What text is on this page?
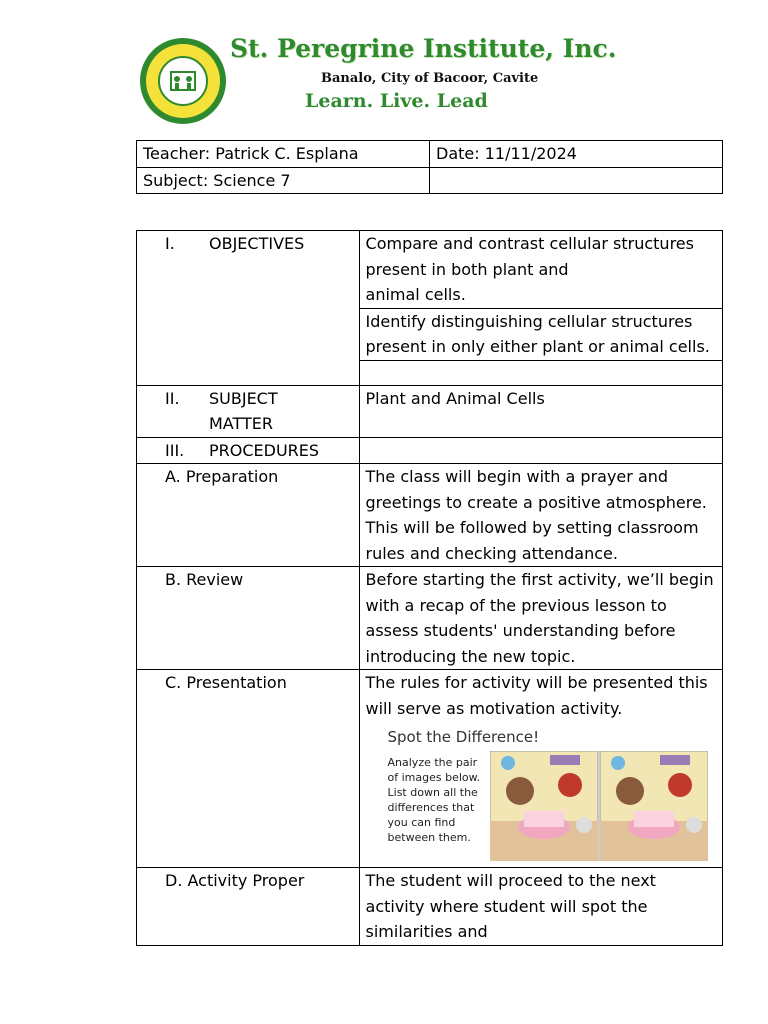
St. Peregrine Institute, Inc.
Banalo, City of Bacoor, Cavite
Learn. Live. Lead
Teacher: Patrick C. Esplana	Date: 11/11/2024
Subject: Science 7	
I. OBJECTIVES	Compare and contrast cellular structures
present in both plant and
animal cells.

	Identify distinguishing cellular structures present in only either plant or animal cells.

II. SUBJECT MATTER	Plant and Animal Cells
III. PROCEDURES	
A. Preparation	The class will begin with a prayer and greetings to create a positive atmosphere. This will be followed by setting classroom rules and checking attendance.
B. Review	Before starting the first activity, we’ll begin with a recap of the previous lesson to assess students' understanding before introducing the new topic.
C. Presentation	The rules for activity will be presented this will serve as motivation activity.
Spot the Difference!
Analyze the pair of images below. List down all the differences that you can find between them.

D. Activity Proper	The student will proceed to the next activity where student will spot the similarities and
